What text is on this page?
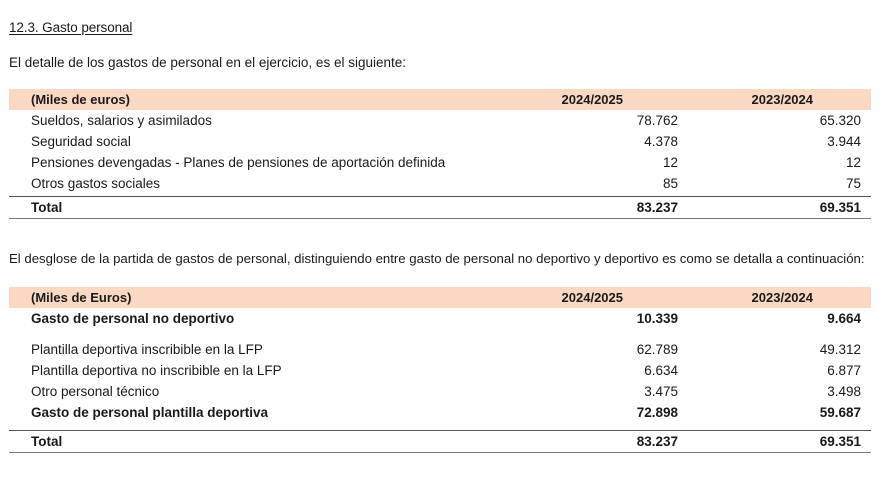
12.3. Gasto personal
El detalle de los gastos de personal en el ejercicio, es el siguiente:
(Miles de euros)	2024/2025	2023/2024
Sueldos, salarios y asimilados	78.762	65.320
Seguridad social	4.378	3.944
Pensiones devengadas - Planes de pensiones de aportación definida	12	12
Otros gastos sociales	85	75
Total	83.237	69.351
El desglose de la partida de gastos de personal, distinguiendo entre gasto de personal no deportivo y deportivo es como se detalla a continuación:
(Miles de Euros)	2024/2025	2023/2024
Gasto de personal no deportivo	10.339	9.664
Plantilla deportiva inscribible en la LFP	62.789	49.312
Plantilla deportiva no inscribible en la LFP	6.634	6.877
Otro personal técnico	3.475	3.498
Gasto de personal plantilla deportiva	72.898	59.687
Total	83.237	69.351
